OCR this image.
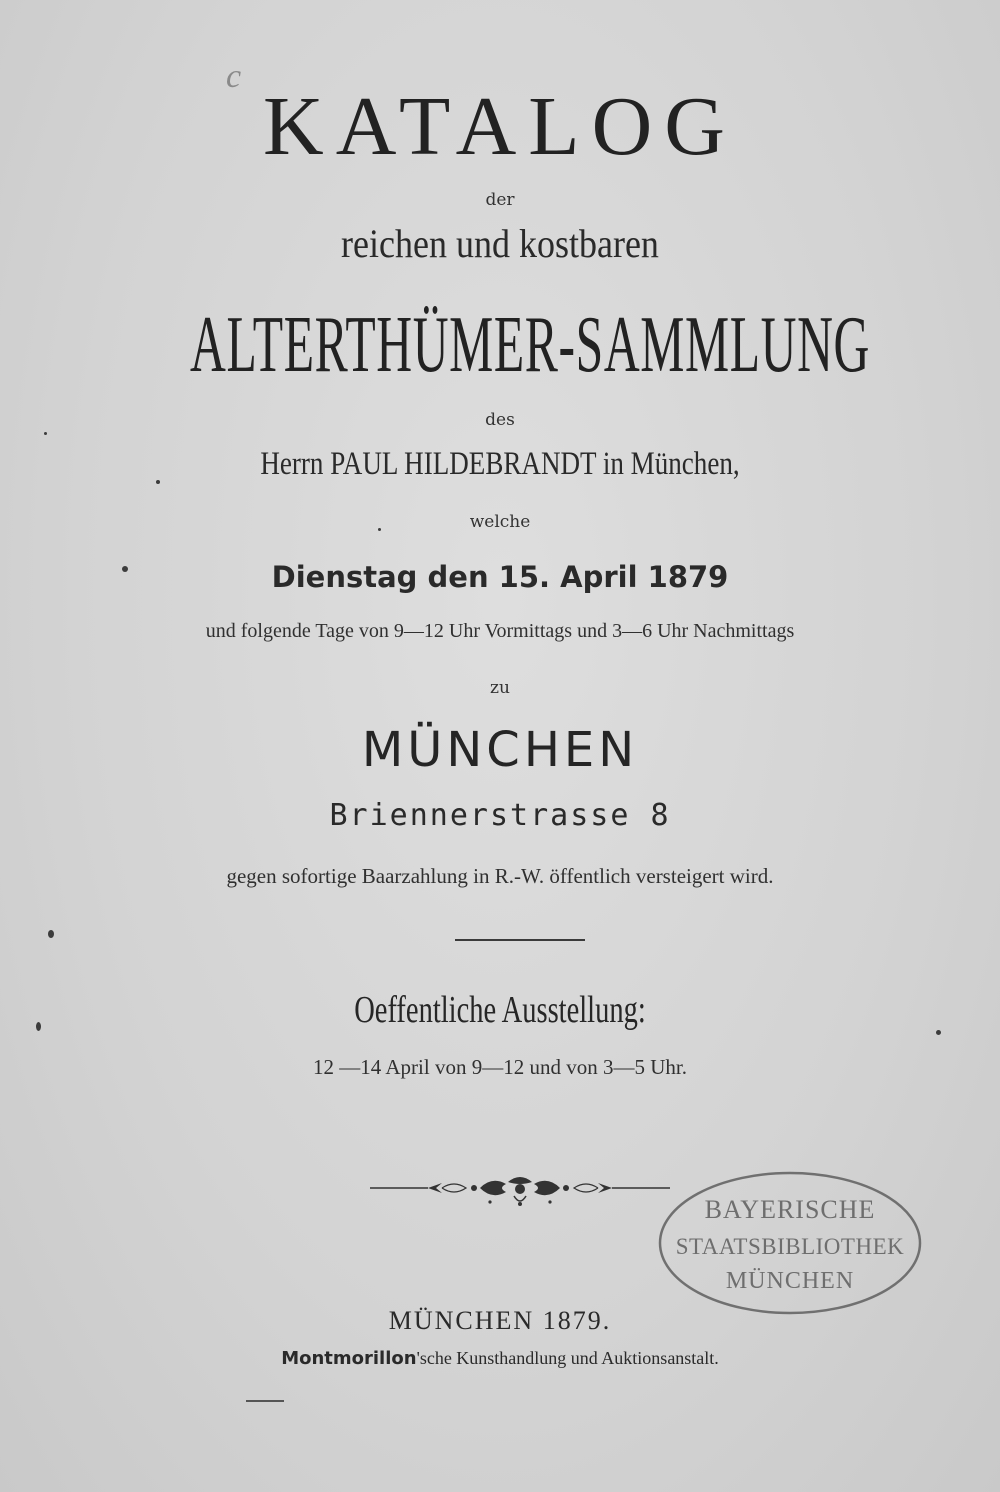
c
KATALOG
der
reichen und kostbaren
ALTERTHÜMER-SAMMLUNG
des
Herrn PAUL HILDEBRANDT in München,
welche
Dienstag den 15. April 1879
und folgende Tage von 9—12 Uhr Vormittags und 3—6 Uhr Nachmittags
zu
MÜNCHEN
Briennerstrasse 8
gegen sofortige Baarzahlung in R.-W. öffentlich versteigert wird.
Oeffentliche Ausstellung:
12 —14 April von 9—12 und von 3—5 Uhr.
BAYERISCHE
STAATSBIBLIOTHEK
MÜNCHEN
MÜNCHEN 1879.
Montmorillon'sche Kunsthandlung und Auktionsanstalt.
